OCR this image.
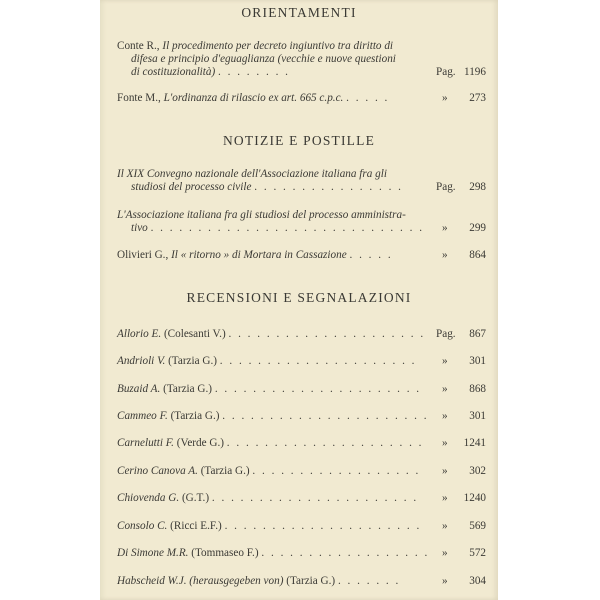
ORIENTAMENTI
Conte R., Il procedimento per decreto ingiuntivo tra diritto di
difesa e principio d'eguaglianza (vecchie e nuove questioni
di costituzionalità) . . . . . . . .	Pag. 1196
Fonte M., L'ordinanza di rilascio ex art. 665 c.p.c. . . . . .	» 273
NOTIZIE E POSTILLE
Il XIX Convegno nazionale dell'Associazione italiana fra gli
studiosi del processo civile . . . . . . . . . . . . . . . .	Pag. 298
L'Associazione italiana fra gli studiosi del processo amministra-
tivo . . . . . . . . . . . . . . . . . . . . . . . . . . . . .	» 299
Olivieri G., Il « ritorno » di Mortara in Cassazione . . . . .	» 864
RECENSIONI E SEGNALAZIONI
Allorio E. (Colesanti V.) . . . . . . . . . . . . . . . . . . . . . Pag. 867
Andrioli V. (Tarzia G.) . . . . . . . . . . . . . . . . . . . . .	» 301
Buzaid A. (Tarzia G.) . . . . . . . . . . . . . . . . . . . . . .	» 868
Cammeo F. (Tarzia G.) . . . . . . . . . . . . . . . . . . . . . .	» 301
Carnelutti F. (Verde G.) . . . . . . . . . . . . . . . . . . . . .	» 1241
Cerino Canova A. (Tarzia G.) . . . . . . . . . . . . . . . . . .	» 302
Chiovenda G. (G.T.) . . . . . . . . . . . . . . . . . . . . . .	» 1240
Consolo C. (Ricci E.F.) . . . . . . . . . . . . . . . . . . . . .	» 569
Di Simone M.R. (Tommaseo F.) . . . . . . . . . . . . . . . . . .	» 572
Habscheid W.J. (herausgegeben von) (Tarzia G.) . . . . . . .	» 304
